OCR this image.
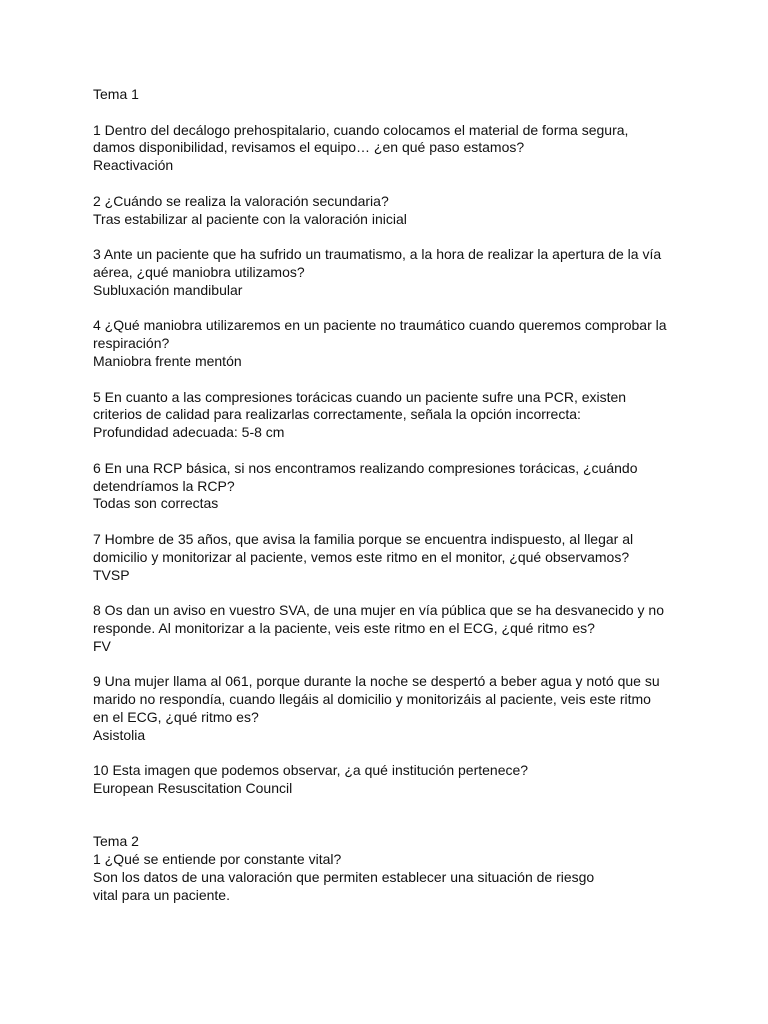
Tema 1
1 Dentro del decálogo prehospitalario, cuando colocamos el material de forma segura,
damos disponibilidad, revisamos el equipo… ¿en qué paso estamos?
Reactivación
2 ¿Cuándo se realiza la valoración secundaria?
Tras estabilizar al paciente con la valoración inicial
3 Ante un paciente que ha sufrido un traumatismo, a la hora de realizar la apertura de la vía
aérea, ¿qué maniobra utilizamos?
Subluxación mandibular
4 ¿Qué maniobra utilizaremos en un paciente no traumático cuando queremos comprobar la
respiración?
Maniobra frente mentón
5 En cuanto a las compresiones torácicas cuando un paciente sufre una PCR, existen
criterios de calidad para realizarlas correctamente, señala la opción incorrecta:
Profundidad adecuada: 5-8 cm
6 En una RCP básica, si nos encontramos realizando compresiones torácicas, ¿cuándo
detendríamos la RCP?
Todas son correctas
7 Hombre de 35 años, que avisa la familia porque se encuentra indispuesto, al llegar al
domicilio y monitorizar al paciente, vemos este ritmo en el monitor, ¿qué observamos?
TVSP
8 Os dan un aviso en vuestro SVA, de una mujer en vía pública que se ha desvanecido y no
responde. Al monitorizar a la paciente, veis este ritmo en el ECG, ¿qué ritmo es?
FV
9 Una mujer llama al 061, porque durante la noche se despertó a beber agua y notó que su
marido no respondía, cuando llegáis al domicilio y monitorizáis al paciente, veis este ritmo
en el ECG, ¿qué ritmo es?
Asistolia
10 Esta imagen que podemos observar, ¿a qué institución pertenece?
European Resuscitation Council
Tema 2
1 ¿Qué se entiende por constante vital?
Son los datos de una valoración que permiten establecer una situación de riesgo
vital para un paciente.
